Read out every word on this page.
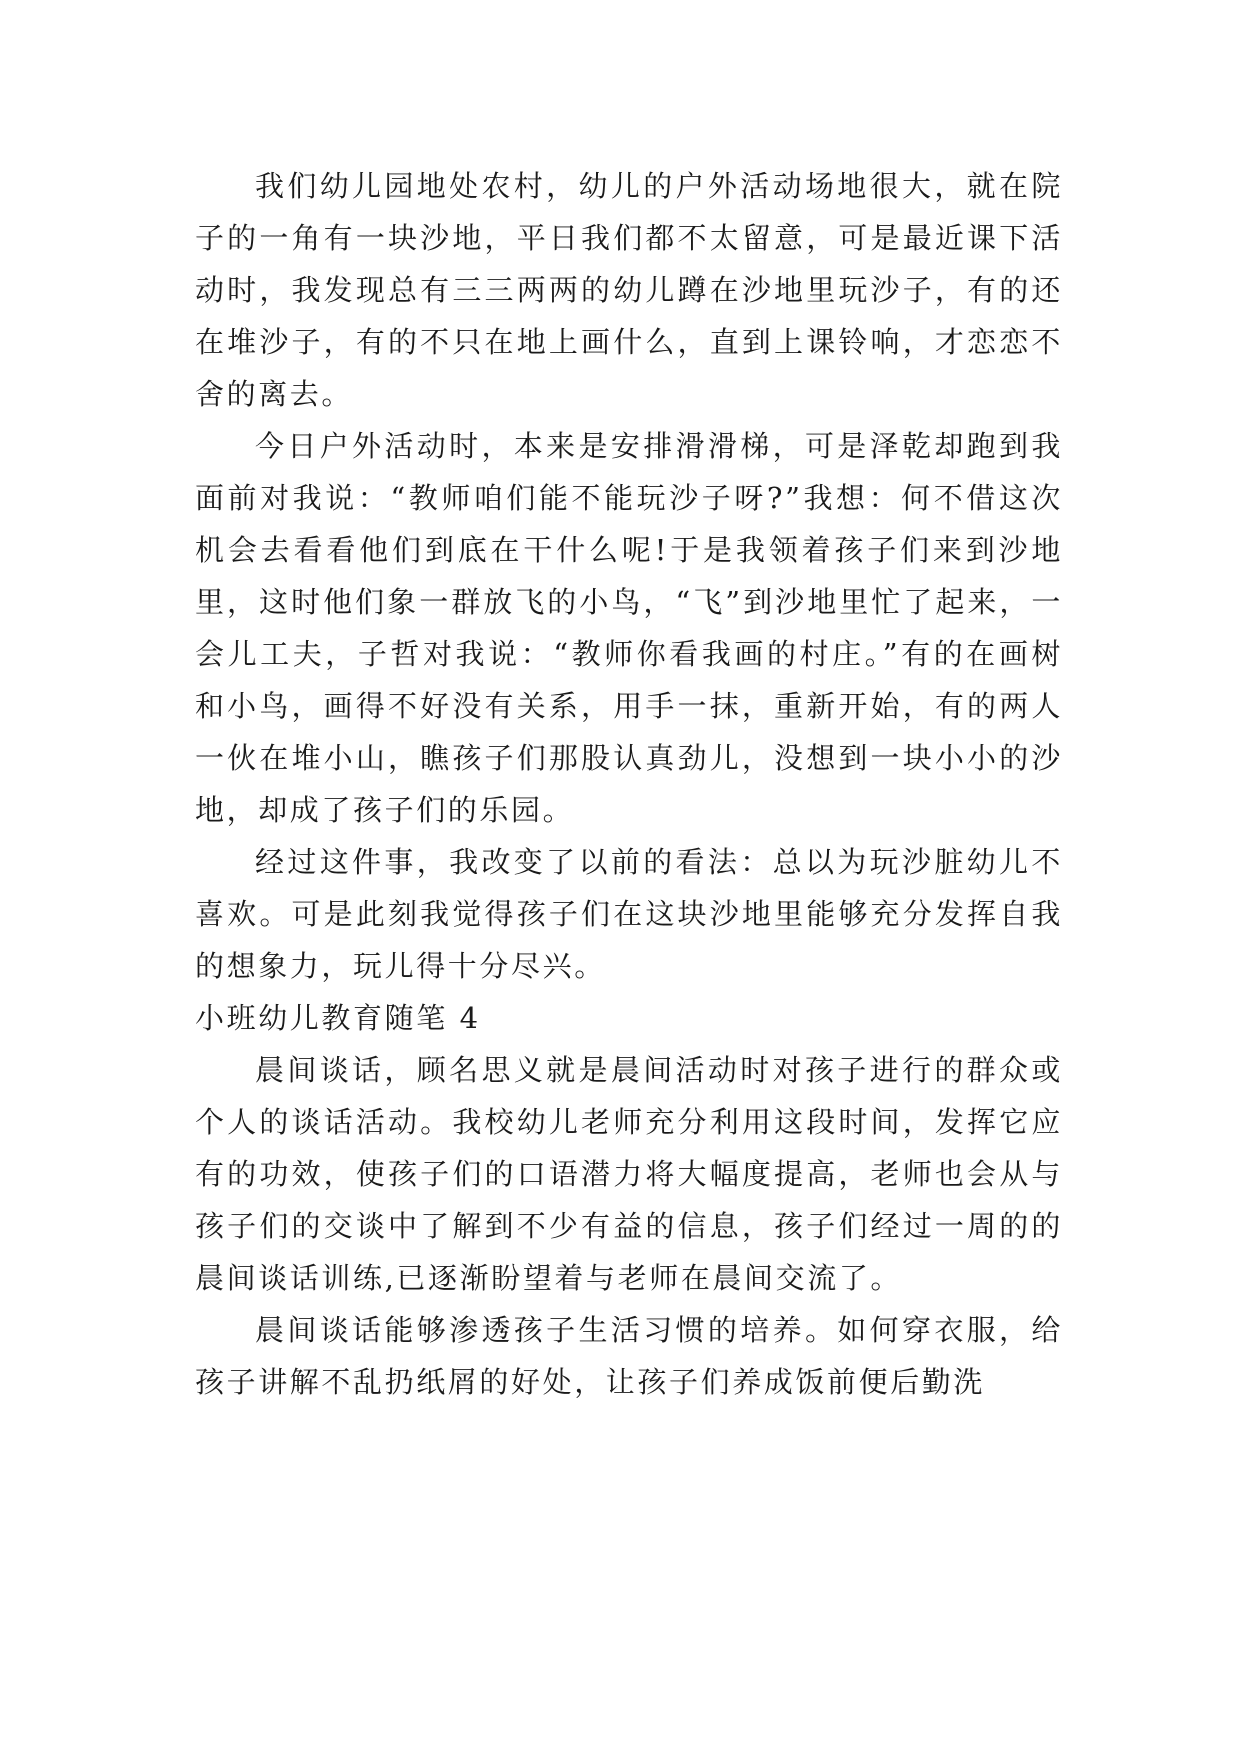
我们幼儿园地处农村，幼儿的户外活动场地很大，就在院子的一角有一块沙地，平日我们都不太留意，可是最近课下活动时，我发现总有三三两两的幼儿蹲在沙地里玩沙子，有的还在堆沙子，有的不只在地上画什么，直到上课铃响，才恋恋不舍的离去。

今日户外活动时，本来是安排滑滑梯，可是泽乾却跑到我面前对我说：“教师咱们能不能玩沙子呀?”我想：何不借这次机会去看看他们到底在干什么呢!于是我领着孩子们来到沙地里，这时他们象一群放飞的小鸟，“飞”到沙地里忙了起来，一会儿工夫，子哲对我说：“教师你看我画的村庄。”有的在画树和小鸟，画得不好没有关系，用手一抹，重新开始，有的两人一伙在堆小山，瞧孩子们那股认真劲儿，没想到一块小小的沙地，却成了孩子们的乐园。

经过这件事，我改变了以前的看法：总以为玩沙脏幼儿不喜欢。可是此刻我觉得孩子们在这块沙地里能够充分发挥自我的想象力，玩儿得十分尽兴。

小班幼儿教育随笔 4

晨间谈话，顾名思义就是晨间活动时对孩子进行的群众或个人的谈话活动。我校幼儿老师充分利用这段时间，发挥它应有的功效，使孩子们的口语潜力将大幅度提高，老师也会从与孩子们的交谈中了解到不少有益的信息，孩子们经过一周的的晨间谈话训练,已逐渐盼望着与老师在晨间交流了。

晨间谈话能够渗透孩子生活习惯的培养。如何穿衣服，给孩子讲解不乱扔纸屑的好处，让孩子们养成饭前便后勤洗
